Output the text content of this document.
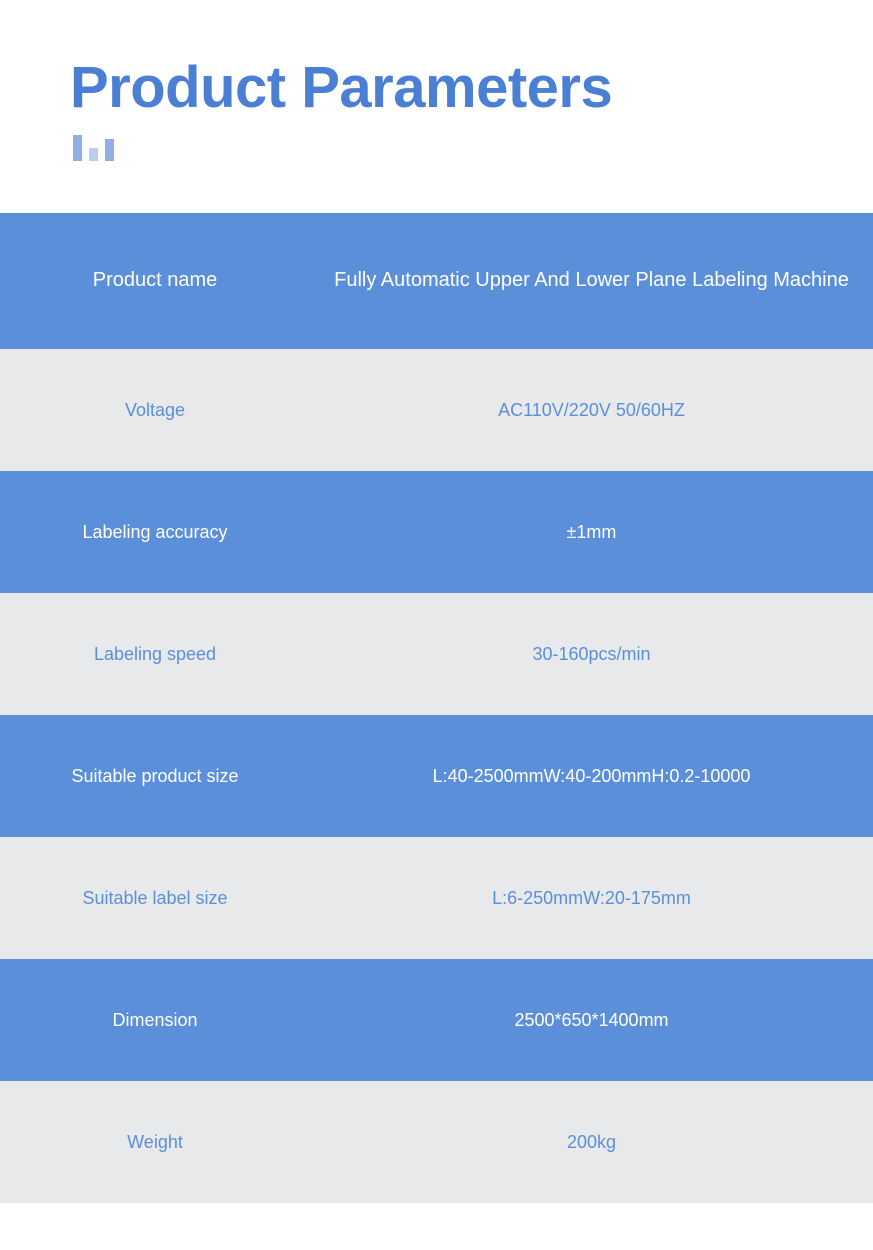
Product Parameters
Product name	Fully Automatic Upper And Lower Plane Labeling Machine

Voltage	AC110V/220V 50/60HZ

Labeling accuracy	±1mm

Labeling speed	30-160pcs/min

Suitable product size	L:40-2500mmW:40-200mmH:0.2-10000

Suitable label size	L:6-250mmW:20-175mm

Dimension	2500*650*1400mm

Weight	200kg
